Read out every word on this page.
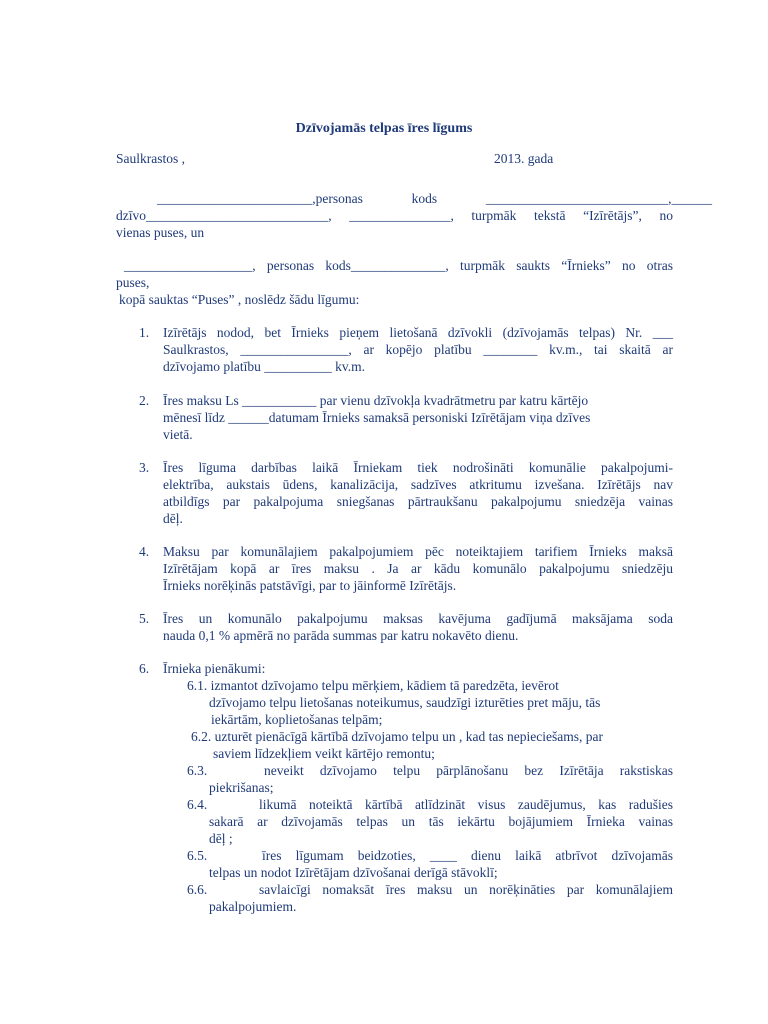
Dzīvojamās telpas īres līgums
Saulkrastos ,	2013. gada
_______________________,personas kods ___________________________,______
dzīvo___________________________, _______________, turpmāk tekstā “Izīrētājs”, no
vienas puses, un
___________________, personas kods______________, turpmāk saukts “Īrnieks” no otras
puses,
kopā sauktas “Puses” , noslēdz šādu līgumu:
1. Izīrētājs nodod, bet Īrnieks pieņem lietošanā dzīvokli (dzīvojamās telpas) Nr. ___
Saulkrastos, ________________, ar kopējo platību ________ kv.m., tai skaitā ar
dzīvojamo platību __________ kv.m.
2. Īres maksu Ls ___________ par vienu dzīvokļa kvadrātmetru par katru kārtējo
mēnesī līdz ______datumam Īrnieks samaksā personiski Izīrētājam viņa dzīves
vietā.
3. Īres līguma darbības laikā Īrniekam tiek nodrošināti komunālie pakalpojumi-
elektrība, aukstais ūdens, kanalizācija, sadzīves atkritumu izvešana. Izīrētājs nav
atbildīgs par pakalpojuma sniegšanas pārtraukšanu pakalpojumu sniedzēja vainas
dēļ.
4. Maksu par komunālajiem pakalpojumiem pēc noteiktajiem tarifiem Īrnieks maksā
Izīrētājam kopā ar īres maksu . Ja ar kādu komunālo pakalpojumu sniedzēju
Īrnieks norēķinās patstāvīgi, par to jāinformē Izīrētājs.
5. Īres un komunālo pakalpojumu maksas kavējuma gadījumā maksājama soda
nauda 0,1 % apmērā no parāda summas par katru nokavēto dienu.
6. Īrnieka pienākumi:
6.1. izmantot dzīvojamo telpu mērķiem, kādiem tā paredzēta, ievērot
dzīvojamo telpu lietošanas noteikumus, saudzīgi izturēties pret māju, tās
iekārtām, koplietošanas telpām;
6.2. uzturēt pienācīgā kārtībā dzīvojamo telpu un , kad tas nepieciešams, par
saviem līdzekļiem veikt kārtējo remontu;
6.3.	neveikt dzīvojamo telpu pārplānošanu bez Izīrētāja rakstiskas
piekrišanas;
6.4.	likumā noteiktā kārtībā atlīdzināt visus zaudējumus, kas radušies
sakarā ar dzīvojamās telpas un tās iekārtu bojājumiem Īrnieka vainas
dēļ ;
6.5.	īres līgumam beidzoties, ____ dienu laikā atbrīvot dzīvojamās
telpas un nodot Izīrētājam dzīvošanai derīgā stāvoklī;
6.6.	savlaicīgi nomaksāt īres maksu un norēķināties par komunālajiem
pakalpojumiem.
